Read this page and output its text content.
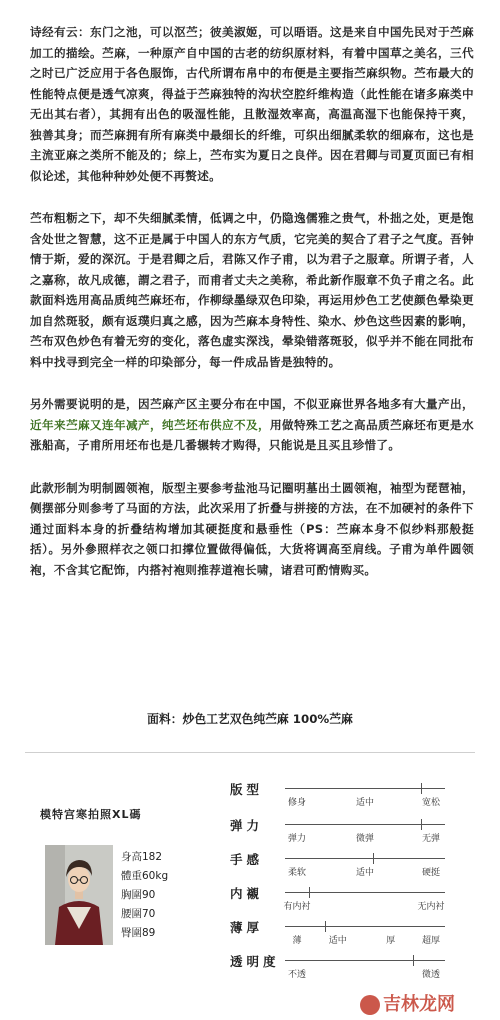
诗经有云：东门之池，可以沤苎；彼美淑姬，可以晤语。这是来自中国先民对于苎麻加工的描绘。苎麻，一种原产自中国的古老的纺织原材料，有着中国草之美名，三代之时已广泛应用于各色服饰，古代所谓布帛中的布便是主要指苎麻织物。苎布最大的性能特点便是透气凉爽，得益于苎麻独特的沟状空腔纤维构造（此性能在诸多麻类中无出其右者），其拥有出色的吸湿性能，且散湿效率高，高温高湿下也能保持干爽，独善其身；而苎麻拥有所有麻类中最细长的纤维，可织出细腻柔软的细麻布，这也是主流亚麻之类所不能及的；综上，苎布实为夏日之良伴。因在君卿与司夏页面已有相似论述，其他种种妙处便不再赘述。

苎布粗粝之下，却不失细腻柔情，低调之中，仍隐逸儒雅之贵气，朴拙之处，更是饱含处世之智慧，这不正是属于中国人的东方气质，它完美的契合了君子之气度。吾钟情于斯，爱的深沉。于是君卿之后，君陈又作子甫，以为君子之服章。所谓子者，人之嘉称，故凡成德，謂之君子，而甫者丈夫之美称，希此新作服章不负子甫之名。此款面料选用高品质纯苎麻坯布，作柳绿墨绿双色印染，再运用炒色工艺使颜色晕染更加自然斑驳，颇有返璞归真之感，因为苎麻本身特性、染水、炒色这些因素的影响，苎布双色炒色有着无穷的变化，落色虚实深浅，晕染错落斑驳，似乎并不能在同批布料中找寻到完全一样的印染部分，每一件成品皆是独特的。

另外需要说明的是，因苎麻产区主要分布在中国，不似亚麻世界各地多有大量产出，近年来苎麻又连年减产，纯苎坯布供应不及，用做特殊工艺之高品质苎麻坯布更是水涨船高，子甫所用坯布也是几番辗转才购得，只能说是且买且珍惜了。

此款形制为明制圆领袍，版型主要参考盐池马记圈明墓出土圆领袍，袖型为琵琶袖，侧摆部分则参考了马面的方法，此次采用了折叠与拼接的方法，在不加硬衬的条件下通过面料本身的折叠结构增加其硬挺度和悬垂性（PS：苎麻本身不似纱料那般挺括）。另外參照样衣之领口扣撑位置做得偏低，大货将调高至肩线。子甫为单件圆领袍，不含其它配饰，内搭衬袍则推荐道袍长啸，诸君可酌情购买。

面料：炒色工艺双色纯苎麻 100%苎麻
模特宫寒拍照XL碼
身高182
體重60kg
胸圍90
腰圍70
臀圍89
版型
修身	适中	宽松
弹力
弹力	微弹	无弹
手感
柔软	适中	硬挺
内襯
有内衬	无内衬
薄厚
薄	适中	厚	超厚
透明度
不透	微透
吉林龙网
